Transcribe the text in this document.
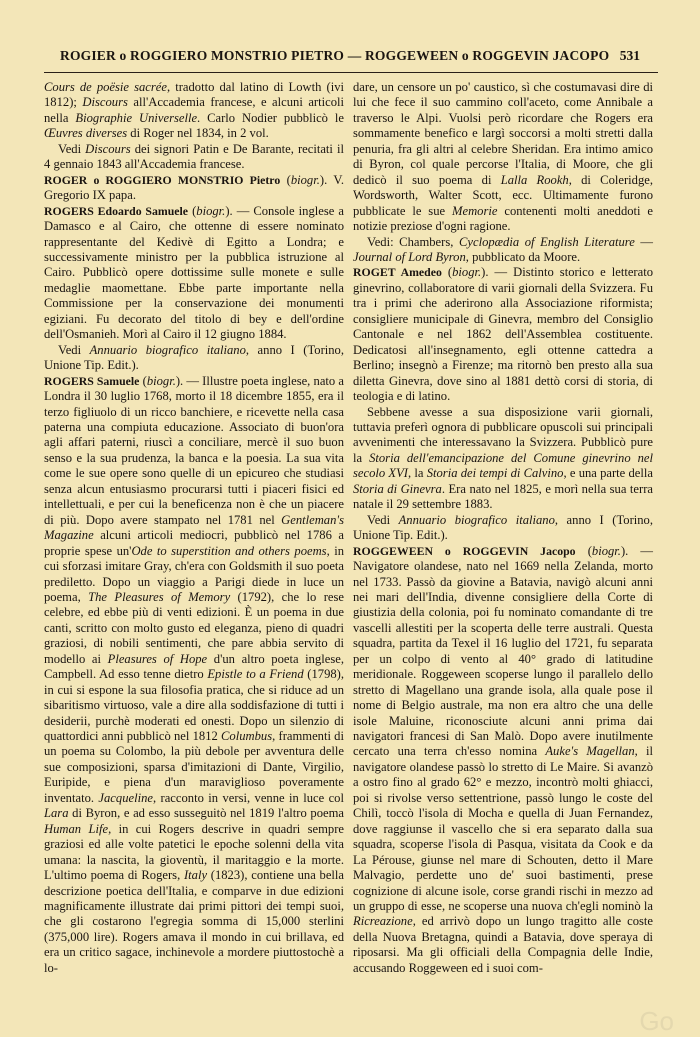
ROGIER o ROGGIERO MONSTRIO PIETRO — ROGGEWEEN o ROGGEVIN JACOPO 531

Cours de poësie sacrée, tradotto dal latino di Lowth (ivi 1812); Discours all'Accademia francese, e alcuni articoli nella Biographie Universelle. Carlo Nodier pubblicò le Œuvres diverses di Roger nel 1834, in 2 vol.

Vedi Discours dei signori Patin e De Barante, recitati il 4 gennaio 1843 all'Accademia francese.

ROGER o ROGGIERO MONSTRIO Pietro (biogr.). V. Gregorio IX papa.

ROGERS Edoardo Samuele (biogr.). — Console inglese a Damasco e al Cairo, che ottenne di essere nominato rappresentante del Kedivè di Egitto a Londra; e successivamente ministro per la pubblica istruzione al Cairo. Pubblicò opere dottissime sulle monete e sulle medaglie maomettane. Ebbe parte importante nella Commissione per la conservazione dei monumenti egiziani. Fu decorato del titolo di bey e dell'ordine dell'Osmanieh. Morì al Cairo il 12 giugno 1884.

Vedi Annuario biografico italiano, anno I (Torino, Unione Tip. Edit.).

ROGERS Samuele (biogr.). — Illustre poeta inglese, nato a Londra il 30 luglio 1768, morto il 18 dicembre 1855, era il terzo figliuolo di un ricco banchiere, e ricevette nella casa paterna una compiuta educazione. Associato di buon'ora agli affari paterni, riuscì a conciliare, mercè il suo buon senso e la sua prudenza, la banca e la poesia. La sua vita come le sue opere sono quelle di un epicureo che studiasi senza alcun entusiasmo procurarsi tutti i piaceri fisici ed intellettuali, e per cui la beneficenza non è che un piacere di più. Dopo avere stampato nel 1781 nel Gentleman's Magazine alcuni articoli mediocri, pubblicò nel 1786 a proprie spese un'Ode to superstition and others poems, in cui sforzasi imitare Gray, ch'era con Goldsmith il suo poeta prediletto. Dopo un viaggio a Parigi diede in luce un poema, The Pleasures of Memory (1792), che lo rese celebre, ed ebbe più di venti edizioni. È un poema in due canti, scritto con molto gusto ed eleganza, pieno di quadri graziosi, di nobili sentimenti, che pare abbia servito di modello ai Pleasures of Hope d'un altro poeta inglese, Campbell. Ad esso tenne dietro Epistle to a Friend (1798), in cui si espone la sua filosofia pratica, che si riduce ad un sibaritismo virtuoso, vale a dire alla soddisfazione di tutti i desiderii, purchè moderati ed onesti. Dopo un silenzio di quattordici anni pubblicò nel 1812 Columbus, frammenti di un poema su Colombo, la più debole per avventura delle sue composizioni, sparsa d'imitazioni di Dante, Virgilio, Euripide, e piena d'un maraviglioso poveramente inventato. Jacqueline, racconto in versi, venne in luce col Lara di Byron, e ad esso susseguitò nel 1819 l'altro poema Human Life, in cui Rogers descrive in quadri sempre graziosi ed alle volte patetici le epoche solenni della vita umana: la nascita, la gioventù, il maritaggio e la morte. L'ultimo poema di Rogers, Italy (1823), contiene una bella descrizione poetica dell'Italia, e comparve in due edizioni magnificamente illustrate dai primi pittori dei tempi suoi, che gli costarono l'egregia somma di 15,000 sterlini (375,000 lire). Rogers amava il mondo in cui brillava, ed era un critico sagace, inchinevole a mordere piuttostochè a lo-

dare, un censore un po' caustico, sì che costumavasi dire di lui che fece il suo cammino coll'aceto, come Annibale a traverso le Alpi. Vuolsi però ricordare che Rogers era sommamente benefico e largì soccorsi a molti stretti dalla penuria, fra gli altri al celebre Sheridan. Era intimo amico di Byron, col quale percorse l'Italia, di Moore, che gli dedicò il suo poema di Lalla Rookh, di Coleridge, Wordsworth, Walter Scott, ecc. Ultimamente furono pubblicate le sue Memorie contenenti molti aneddoti e notizie preziose d'ogni ragione.

Vedi: Chambers, Cyclopædia of English Literature — Journal of Lord Byron, pubblicato da Moore.

ROGET Amedeo (biogr.). — Distinto storico e letterato ginevrino, collaboratore di varii giornali della Svizzera. Fu tra i primi che aderirono alla Associazione riformista; consigliere municipale di Ginevra, membro del Consiglio Cantonale e nel 1862 dell'Assemblea costituente. Dedicatosi all'insegnamento, egli ottenne cattedra a Berlino; insegnò a Firenze; ma ritornò ben presto alla sua diletta Ginevra, dove sino al 1881 dettò corsi di storia, di teologia e di latino.

Sebbene avesse a sua disposizione varii giornali, tuttavia preferì ognora di pubblicare opuscoli sui principali avvenimenti che interessavano la Svizzera. Pubblicò pure la Storia dell'emancipazione del Comune ginevrino nel secolo XVI, la Storia dei tempi di Calvino, e una parte della Storia di Ginevra. Era nato nel 1825, e morì nella sua terra natale il 29 settembre 1883.

Vedi Annuario biografico italiano, anno I (Torino, Unione Tip. Edit.).

ROGGEWEEN o ROGGEVIN Jacopo (biogr.). — Navigatore olandese, nato nel 1669 nella Zelanda, morto nel 1733. Passò da giovine a Batavia, navigò alcuni anni nei mari dell'India, divenne consigliere della Corte di giustizia della colonia, poi fu nominato comandante di tre vascelli allestiti per la scoperta delle terre australi. Questa squadra, partita da Texel il 16 luglio del 1721, fu separata per un colpo di vento al 40° grado di latitudine meridionale. Roggeween scoperse lungo il parallelo dello stretto di Magellano una grande isola, alla quale pose il nome di Belgio australe, ma non era altro che una delle isole Maluine, riconosciute alcuni anni prima dai navigatori francesi di San Malò. Dopo avere inutilmente cercato una terra ch'esso nomina Auke's Magellan, il navigatore olandese passò lo stretto di Le Maire. Si avanzò a ostro fino al grado 62° e mezzo, incontrò molti ghiacci, poi si rivolse verso settentrione, passò lungo le coste del Chilì, toccò l'isola di Mocha e quella di Juan Fernandez, dove raggiunse il vascello che si era separato dalla sua squadra, scoperse l'isola di Pasqua, visitata da Cook e da La Pérouse, giunse nel mare di Schouten, detto il Mare Malvagio, perdette uno de' suoi bastimenti, prese cognizione di alcune isole, corse grandi rischi in mezzo ad un gruppo di esse, ne scoperse una nuova ch'egli nominò la Ricreazione, ed arrivò dopo un lungo tragitto alle coste della Nuova Bretagna, quindi a Batavia, dove speraya di riposarsi. Ma gli officiali della Compagnia delle Indie, accusando Roggeween ed i suoi com-

Go
